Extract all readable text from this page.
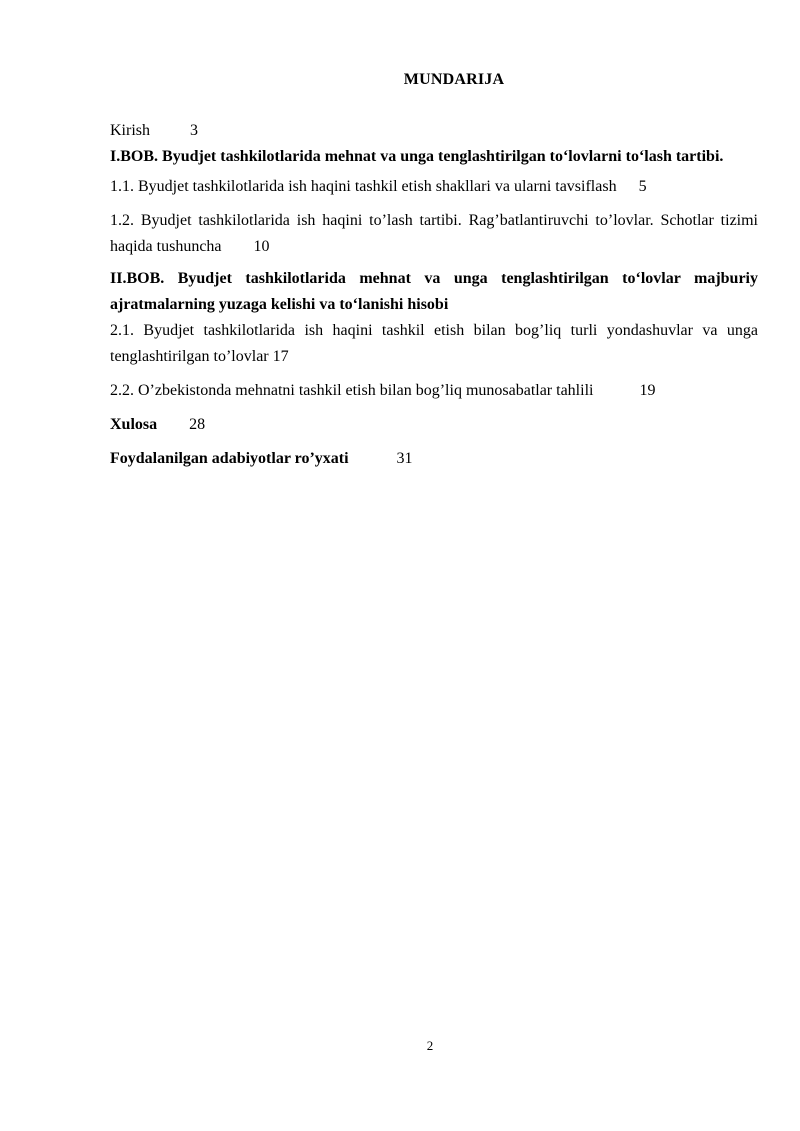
MUNDARIJA

Kirish	3

I.BOB. Byudjet tashkilotlarida mehnat va unga tenglashtirilgan to‘lovlarni to‘lash tartibi.

1.1. Byudjet tashkilotlarida ish haqini tashkil etish shakllari va ularni tavsiflash 5

1.2. Byudjet tashkilotlarida ish haqini to’lash tartibi. Rag’batlantiruvchi to’lovlar. Schotlar tizimi haqida tushuncha 10

II.BOB. Byudjet tashkilotlarida mehnat va unga tenglashtirilgan to‘lovlar majburiy ajratmalarning yuzaga kelishi va to‘lanishi hisobi

2.1. Byudjet tashkilotlarida ish haqini tashkil etish bilan bog’liq turli yondashuvlar va unga tenglashtirilgan to’lovlar 17

2.2. O’zbekistonda mehnatni tashkil etish bilan bog’liq munosabatlar tahlili	19

Xulosa 28

Foydalanilgan adabiyotlar ro’yxati	31

2
